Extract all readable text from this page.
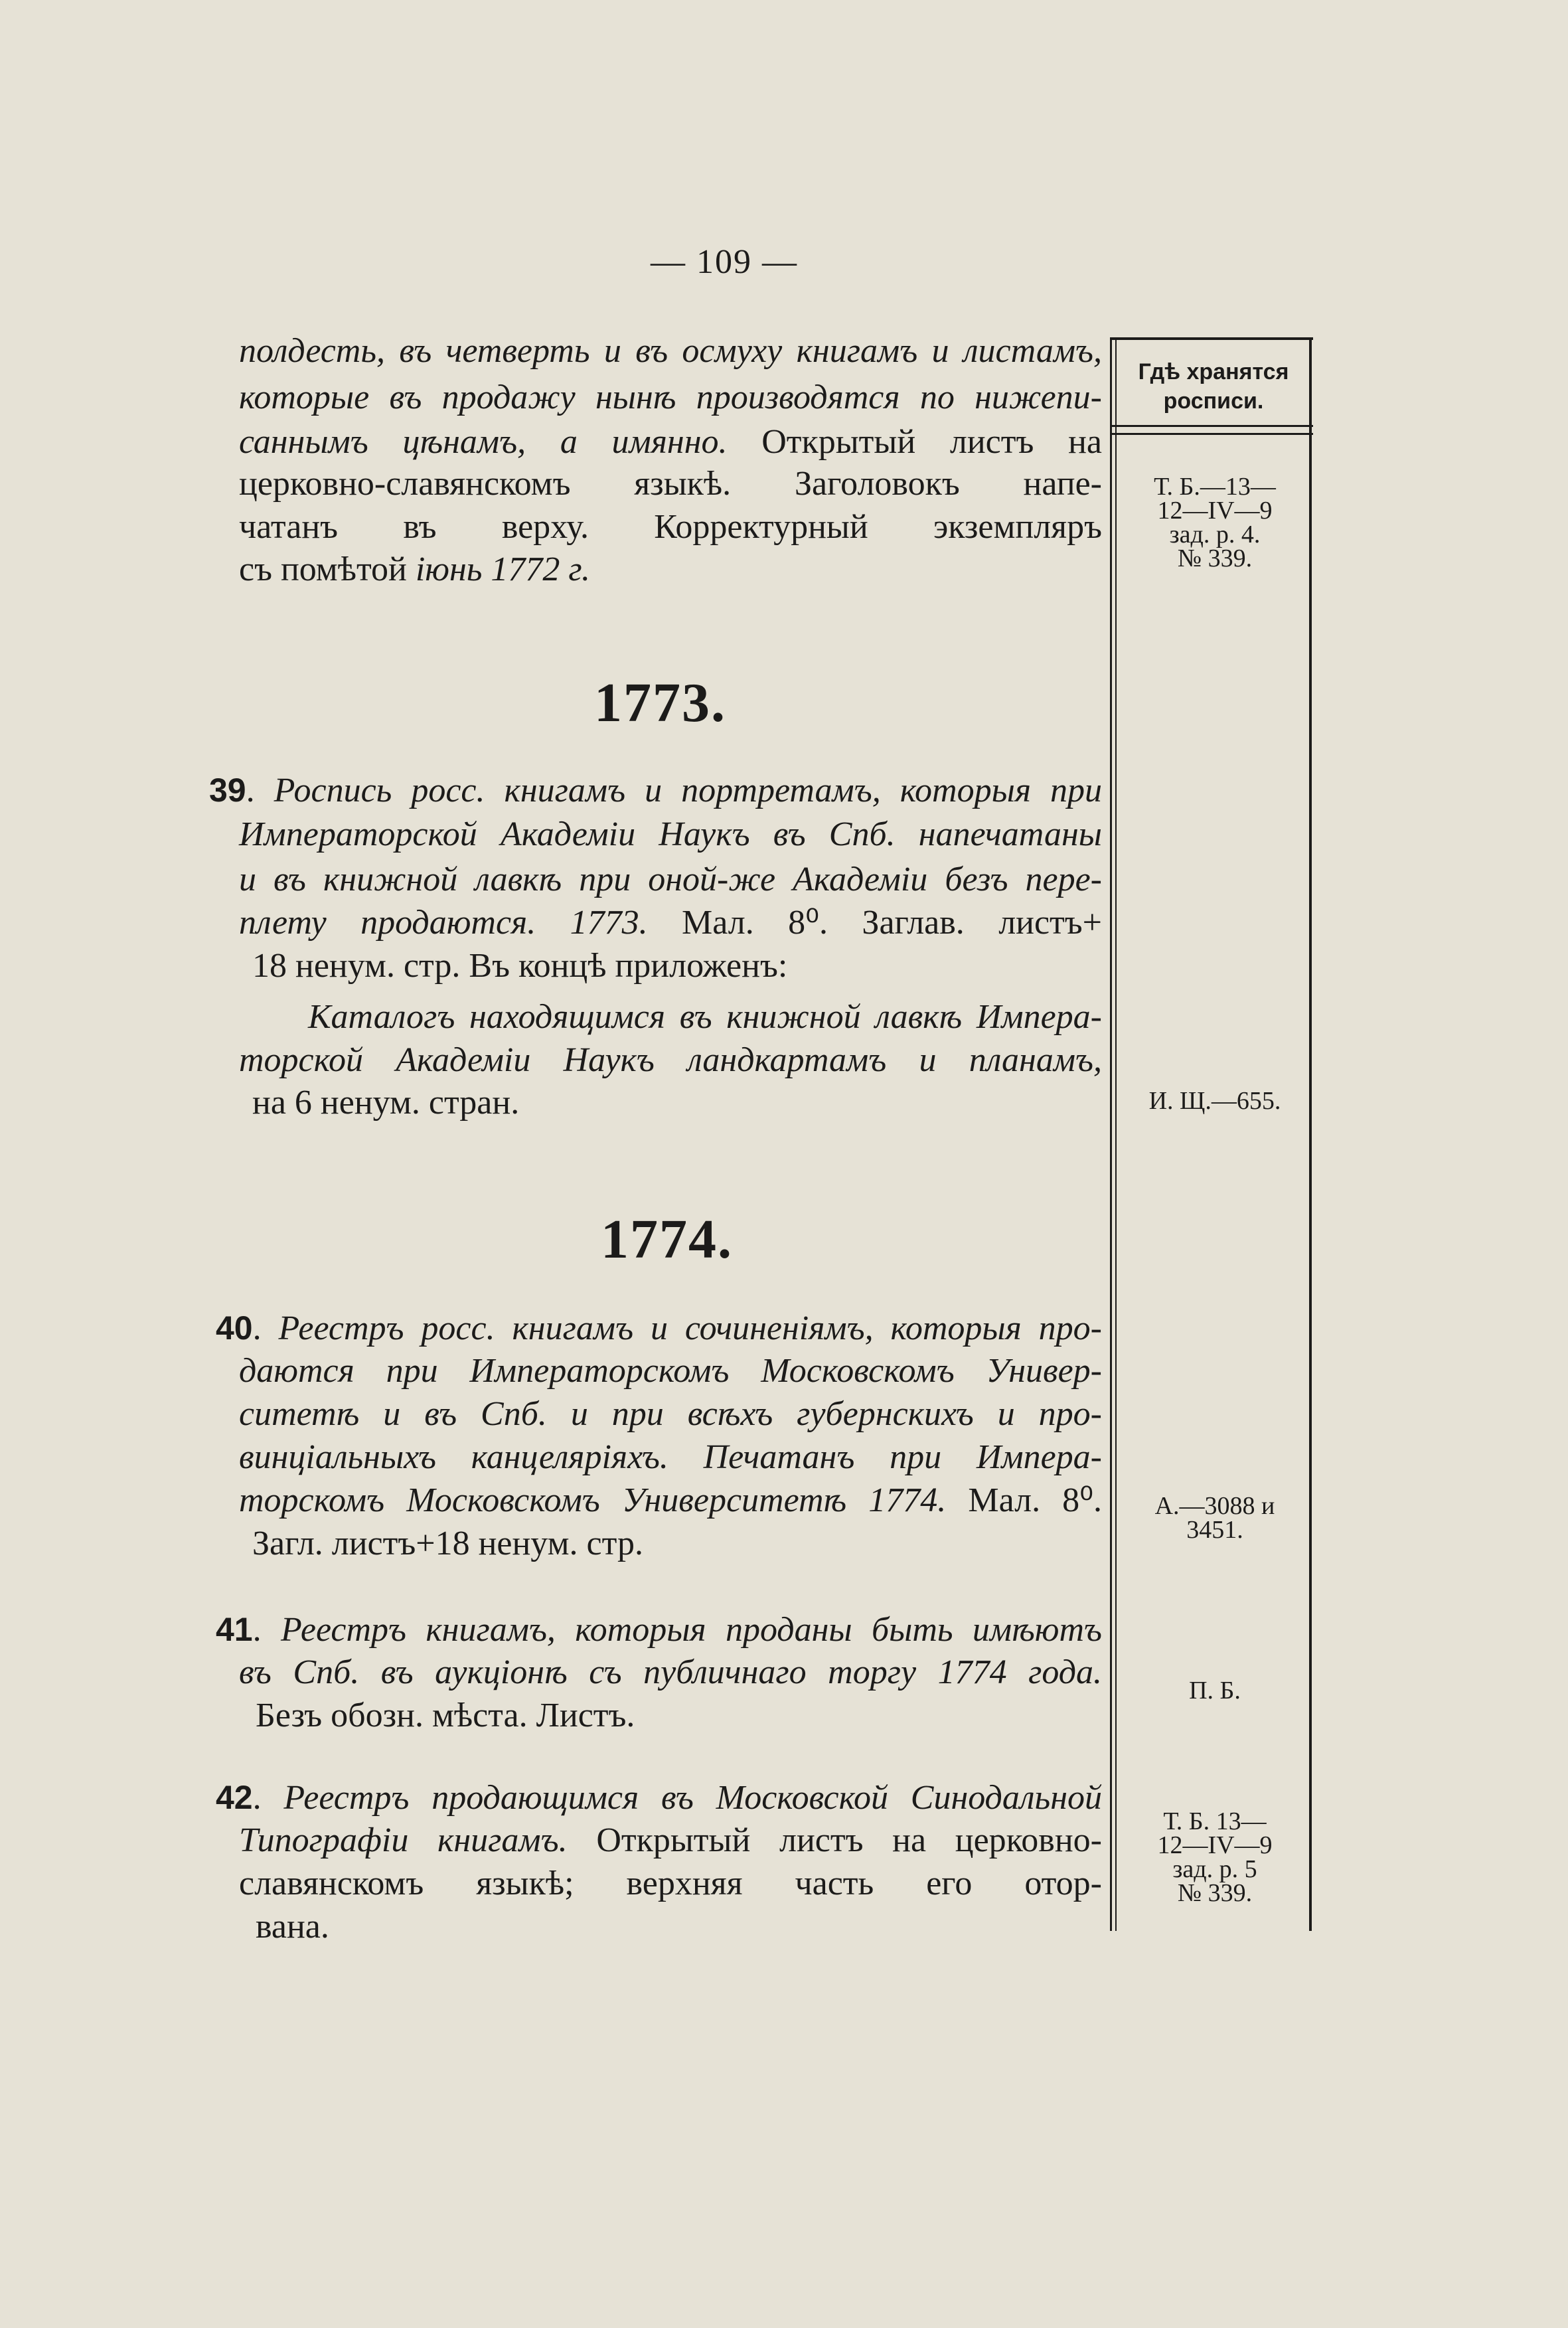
— 109 —
Гдѣ хранятся
росписи.
полдесть, въ четверть и въ осмуху книгамъ и листамъ,
которые въ продажу нынѣ производятся по нижепи-
саннымъ цѣнамъ, а имянно. Открытый листъ на
церковно-славянскомъ языкѣ. Заголовокъ напе-
чатанъ въ верху. Корректурный экземпляръ
съ помѣтой іюнь 1772 г.
Т. Б.—13—
12—IV—9
зад. р. 4.
№ 339.
1773.
39. Роспись росс. книгамъ и портретамъ, которыя при
Императорской Академіи Наукъ въ Спб. напечатаны
и въ книжной лавкѣ при оной-же Академіи безъ пере-
плету продаются. 1773. Мал. 8⁰. Заглав. листъ+
18 ненум. стр. Въ концѣ приложенъ:
Каталогъ находящимся въ книжной лавкѣ Импера-
торской Академіи Наукъ ландкартамъ и планамъ,
на 6 ненум. стран.	И. Щ.—655.
1774.
40. Реестръ росс. книгамъ и сочиненіямъ, которыя про-
даются при Императорскомъ Московскомъ Универ-
ситетѣ и въ Спб. и при всѣхъ губернскихъ и про-
винціальныхъ канцеляріяхъ. Печатанъ при Импера-
торскомъ Московскомъ Университетѣ 1774. Мал. 8⁰.
Загл. листъ+18 ненум. стр.
А.—3088 и
3451.
41. Реестръ книгамъ, которыя проданы быть имѣютъ
въ Спб. въ аукціонѣ съ публичнаго торгу 1774 года.
Безъ обозн. мѣста. Листъ.
П. Б.
42. Реестръ продающимся въ Московской Синодальной
Типографіи книгамъ. Открытый листъ на церковно-
славянскомъ языкѣ; верхняя часть его отор-
вана.
Т. Б. 13—
12—IV—9
зад. р. 5
№ 339.
